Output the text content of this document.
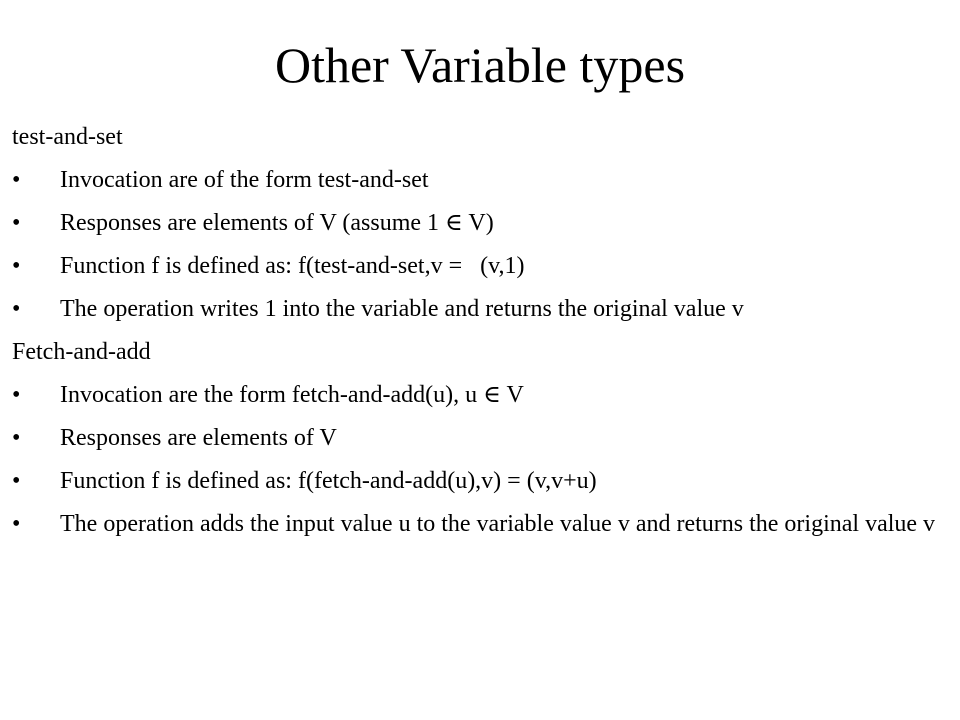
Other Variable types

test-and-set

•	Invocation are of the form test-and-set
•	Responses are elements of V (assume 1 ∈ V)
•	Function f is defined as: f(test-and-set,v =   (v,1)
•	The operation writes 1 into the variable and returns the original value v

Fetch-and-add

•	Invocation are the form fetch-and-add(u), u ∈ V
•	Responses are elements of V
•	Function f is defined as: f(fetch-and-add(u),v) = (v,v+u)
•	The operation adds the input value u to the variable value v and returns the original value v
